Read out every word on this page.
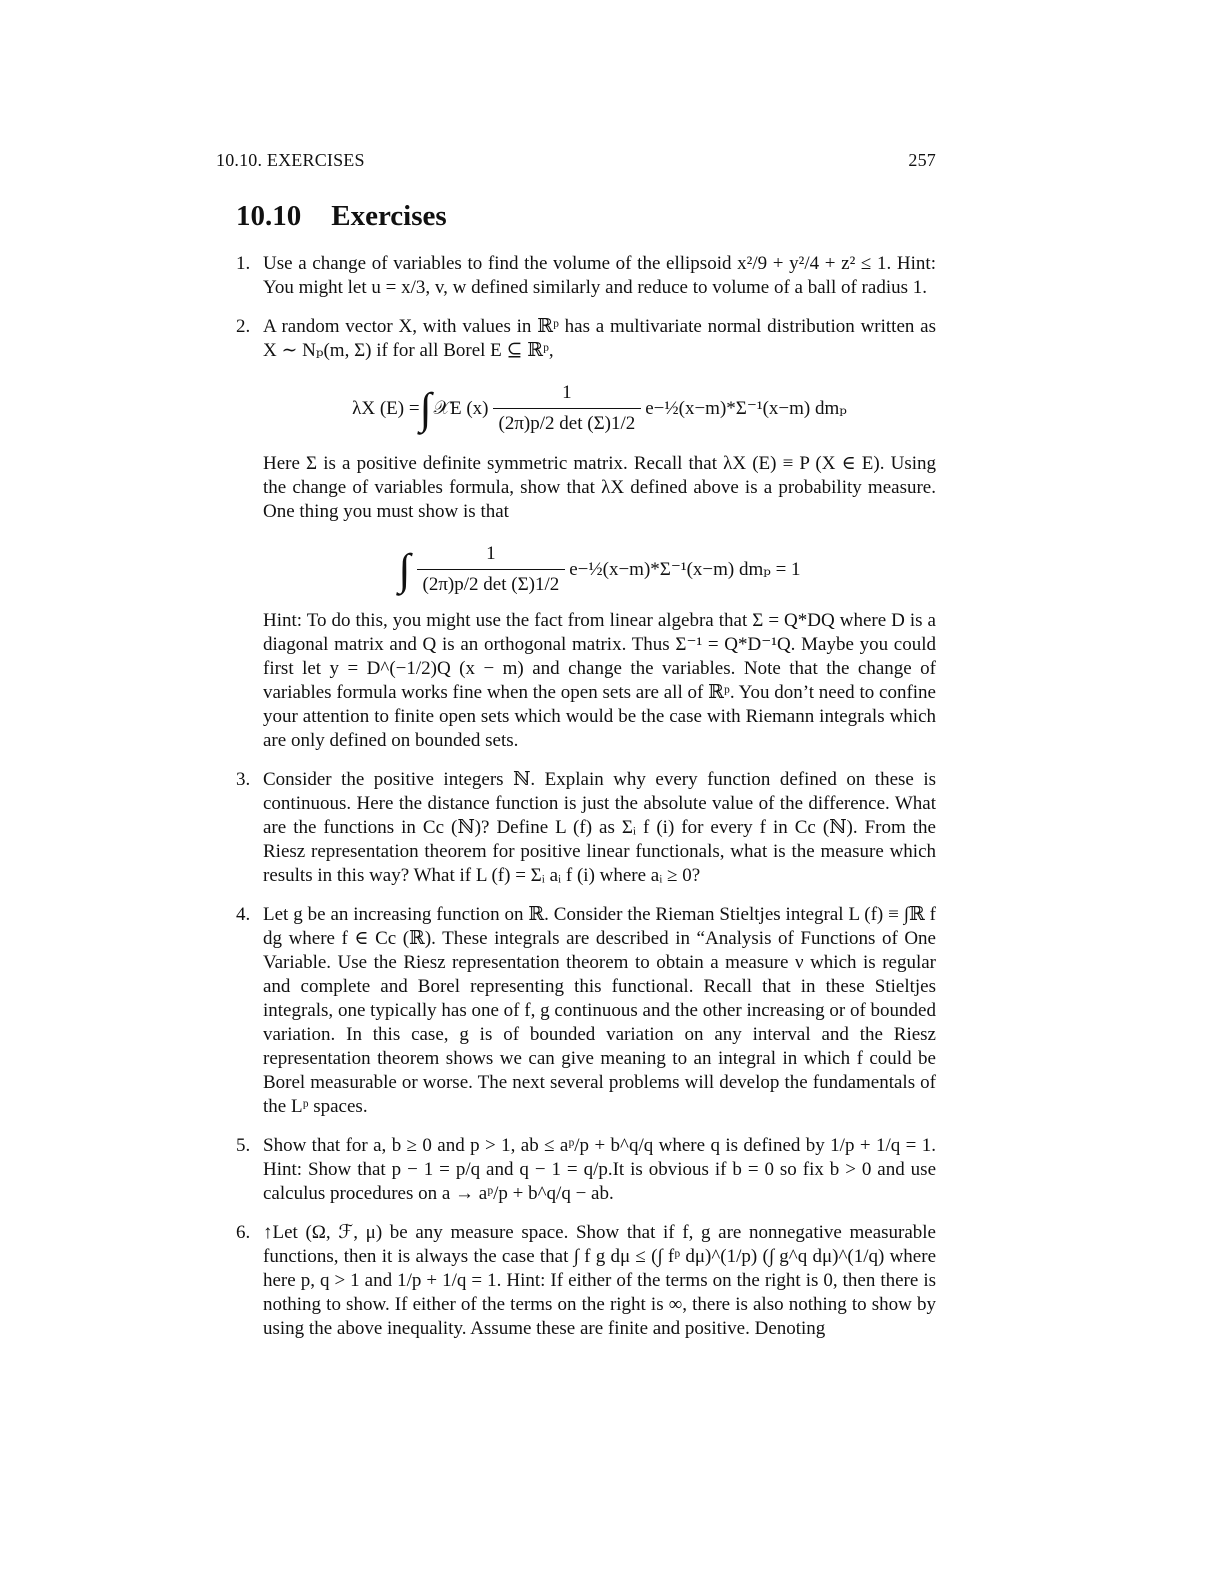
10.10. EXERCISES	257
10.10 Exercises
1. Use a change of variables to find the volume of the ellipsoid x²/9 + y²/4 + z² ≤ 1. Hint: You might let u = x/3, v, w defined similarly and reduce to volume of a ball of radius 1.

2. A random vector X, with values in ℝᵖ has a multivariate normal distribution written as X ∼ Nₚ(m, Σ) if for all Borel E ⊆ ℝᵖ,

λX (E) = ∫ 𝒳E $(x) \frac{1}{(2\pi)p/2 \det (\Sigma)1/2}$ e−½(x−m)*Σ⁻¹(x−m) dmₚ

Here Σ is a positive definite symmetric matrix. Recall that λX (E) ≡ P (X ∈ E). Using the change of variables formula, show that λX defined above is a probability measure. One thing you must show is that

∫ $\frac{1}{(2\pi)p/2 \det (\Sigma)1/2}$ e−½(x−m)*Σ⁻¹(x−m) dmₚ = 1

Hint: To do this, you might use the fact from linear algebra that Σ = Q*DQ where D is a diagonal matrix and Q is an orthogonal matrix. Thus Σ⁻¹ = Q*D⁻¹Q. Maybe you could first let y = D^(−1/2)Q (x − m) and change the variables. Note that the change of variables formula works fine when the open sets are all of ℝᵖ. You don’t need to confine your attention to finite open sets which would be the case with Riemann integrals which are only defined on bounded sets.

3. Consider the positive integers ℕ. Explain why every function defined on these is continuous. Here the distance function is just the absolute value of the difference. What are the functions in Cc (ℕ)? Define L (f) as Σᵢ f (i) for every f in Cc (ℕ). From the Riesz representation theorem for positive linear functionals, what is the measure which results in this way? What if L (f) = Σᵢ aᵢ f (i) where aᵢ ≥ 0?

4. Let g be an increasing function on ℝ. Consider the Rieman Stieltjes integral L (f) ≡ ∫ℝ f dg where f ∈ Cc (ℝ). These integrals are described in “Analysis of Functions of One Variable. Use the Riesz representation theorem to obtain a measure ν which is regular and complete and Borel representing this functional. Recall that in these Stieltjes integrals, one typically has one of f, g continuous and the other increasing or of bounded variation. In this case, g is of bounded variation on any interval and the Riesz representation theorem shows we can give meaning to an integral in which f could be Borel measurable or worse. The next several problems will develop the fundamentals of the Lᵖ spaces.

5. Show that for a, b ≥ 0 and p > 1, ab ≤ aᵖ/p + b^q/q where q is defined by 1/p + 1/q = 1. Hint: Show that p − 1 = p/q and q − 1 = q/p.It is obvious if b = 0 so fix b > 0 and use calculus procedures on a → aᵖ/p + b^q/q − ab.

6. ↑Let (Ω, ℱ, μ) be any measure space. Show that if f, g are nonnegative measurable functions, then it is always the case that ∫ f g dμ ≤ (∫ fᵖ dμ)^(1/p) (∫ g^q dμ)^(1/q) where here p, q > 1 and 1/p + 1/q = 1. Hint: If either of the terms on the right is 0, then there is nothing to show. If either of the terms on the right is ∞, there is also nothing to show by using the above inequality. Assume these are finite and positive. Denoting
